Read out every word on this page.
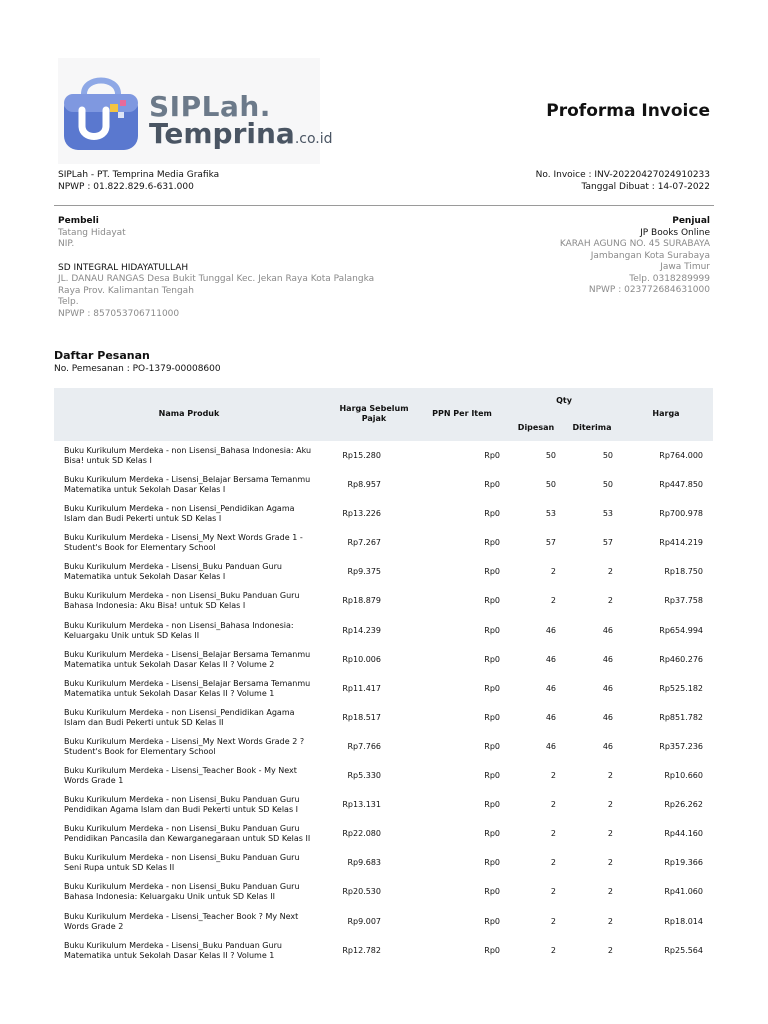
SIPLah.
Temprina.co.id
Proforma Invoice
SIPLah - PT. Temprina Media Grafika
NPWP : 01.822.829.6-631.000
No. Invoice : INV-20220427024910233
Tanggal Dibuat : 14-07-2022
Pembeli
Tatang Hidayat
NIP.
SD INTEGRAL HIDAYATULLAH
JL. DANAU RANGAS Desa Bukit Tunggal Kec. Jekan Raya Kota Palangka
Raya Prov. Kalimantan Tengah
Telp.
NPWP : 857053706711000
Penjual
JP Books Online
KARAH AGUNG NO. 45 SURABAYA
Jambangan Kota Surabaya
Jawa Timur
Telp. 0318289999
NPWP : 023772684631000
Daftar Pesanan
No. Pemesanan : PO-1379-00008600
Nama Produk
Harga Sebelum
Pajak
PPN Per Item
Qty
Dipesan	Diterima
Harga
Buku Kurikulum Merdeka - non Lisensi_Bahasa Indonesia: Aku
Bisa! untuk SD Kelas I
Rp15.280	Rp0	50	50	Rp764.000
Buku Kurikulum Merdeka - Lisensi_Belajar Bersama Temanmu
Matematika untuk Sekolah Dasar Kelas I
Rp8.957	Rp0	50	50	Rp447.850
Buku Kurikulum Merdeka - non Lisensi_Pendidikan Agama
Islam dan Budi Pekerti untuk SD Kelas I
Rp13.226	Rp0	53	53	Rp700.978
Buku Kurikulum Merdeka - Lisensi_My Next Words Grade 1 -
Student's Book for Elementary School
Rp7.267	Rp0	57	57	Rp414.219
Buku Kurikulum Merdeka - Lisensi_Buku Panduan Guru
Matematika untuk Sekolah Dasar Kelas I
Rp9.375	Rp0	2	2	Rp18.750
Buku Kurikulum Merdeka - non Lisensi_Buku Panduan Guru
Bahasa Indonesia: Aku Bisa! untuk SD Kelas I
Rp18.879	Rp0	2	2	Rp37.758
Buku Kurikulum Merdeka - non Lisensi_Bahasa Indonesia:
Keluargaku Unik untuk SD Kelas II
Rp14.239	Rp0	46	46	Rp654.994
Buku Kurikulum Merdeka - Lisensi_Belajar Bersama Temanmu
Matematika untuk Sekolah Dasar Kelas II ? Volume 2
Rp10.006	Rp0	46	46	Rp460.276
Buku Kurikulum Merdeka - Lisensi_Belajar Bersama Temanmu
Matematika untuk Sekolah Dasar Kelas II ? Volume 1
Rp11.417	Rp0	46	46	Rp525.182
Buku Kurikulum Merdeka - non Lisensi_Pendidikan Agama
Islam dan Budi Pekerti untuk SD Kelas II
Rp18.517	Rp0	46	46	Rp851.782
Buku Kurikulum Merdeka - Lisensi_My Next Words Grade 2 ?
Student's Book for Elementary School
Rp7.766	Rp0	46	46	Rp357.236
Buku Kurikulum Merdeka - Lisensi_Teacher Book - My Next
Words Grade 1
Rp5.330	Rp0	2	2	Rp10.660
Buku Kurikulum Merdeka - non Lisensi_Buku Panduan Guru
Pendidikan Agama Islam dan Budi Pekerti untuk SD Kelas I
Rp13.131	Rp0	2	2	Rp26.262
Buku Kurikulum Merdeka - non Lisensi_Buku Panduan Guru
Pendidikan Pancasila dan Kewarganegaraan untuk SD Kelas II
Rp22.080	Rp0	2	2	Rp44.160
Buku Kurikulum Merdeka - non Lisensi_Buku Panduan Guru
Seni Rupa untuk SD Kelas II
Rp9.683	Rp0	2	2	Rp19.366
Buku Kurikulum Merdeka - non Lisensi_Buku Panduan Guru
Bahasa Indonesia: Keluargaku Unik untuk SD Kelas II
Rp20.530	Rp0	2	2	Rp41.060
Buku Kurikulum Merdeka - Lisensi_Teacher Book ? My Next
Words Grade 2
Rp9.007	Rp0	2	2	Rp18.014
Buku Kurikulum Merdeka - Lisensi_Buku Panduan Guru
Matematika untuk Sekolah Dasar Kelas II ? Volume 1
Rp12.782	Rp0	2	2	Rp25.564
